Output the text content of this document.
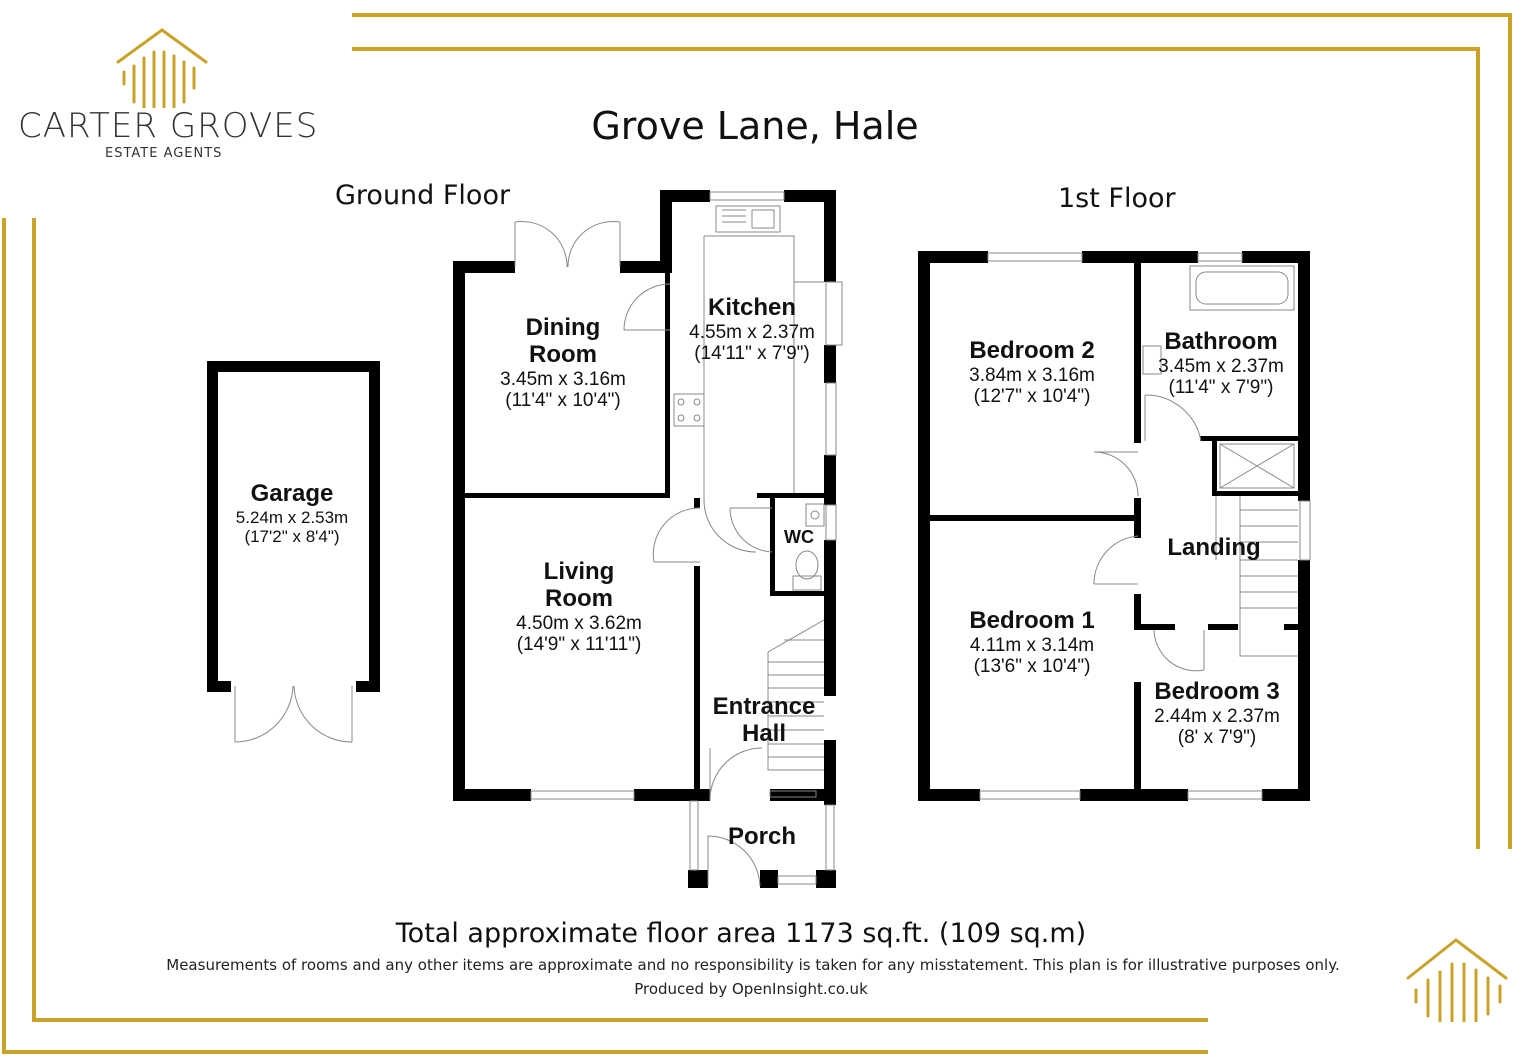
CARTER GROVES
ESTATE AGENTS
Grove Lane, Hale
Ground Floor	1st Floor
Garage
5.24m x 2.53m
(17'2" x 8'4")
Dining
Room
3.45m x 3.16m
(11'4" x 10'4")
Kitchen
4.55m x 2.37m
(14'11" x 7'9")
Living
Room
4.50m x 3.62m
(14'9" x 11'11")
WC
Entrance
Hall
Porch
Bedroom 2
3.84m x 3.16m
(12'7" x 10'4")
Bathroom
3.45m x 2.37m
(11'4" x 7'9")
Landing
Bedroom 1
4.11m x 3.14m
(13'6" x 10'4")
Bedroom 3
2.44m x 2.37m
(8' x 7'9")
Total approximate floor area 1173 sq.ft. (109 sq.m)
Measurements of rooms and any other items are approximate and no responsibility is taken for any misstatement. This plan is for illustrative purposes only.
Produced by OpenInsight.co.uk
